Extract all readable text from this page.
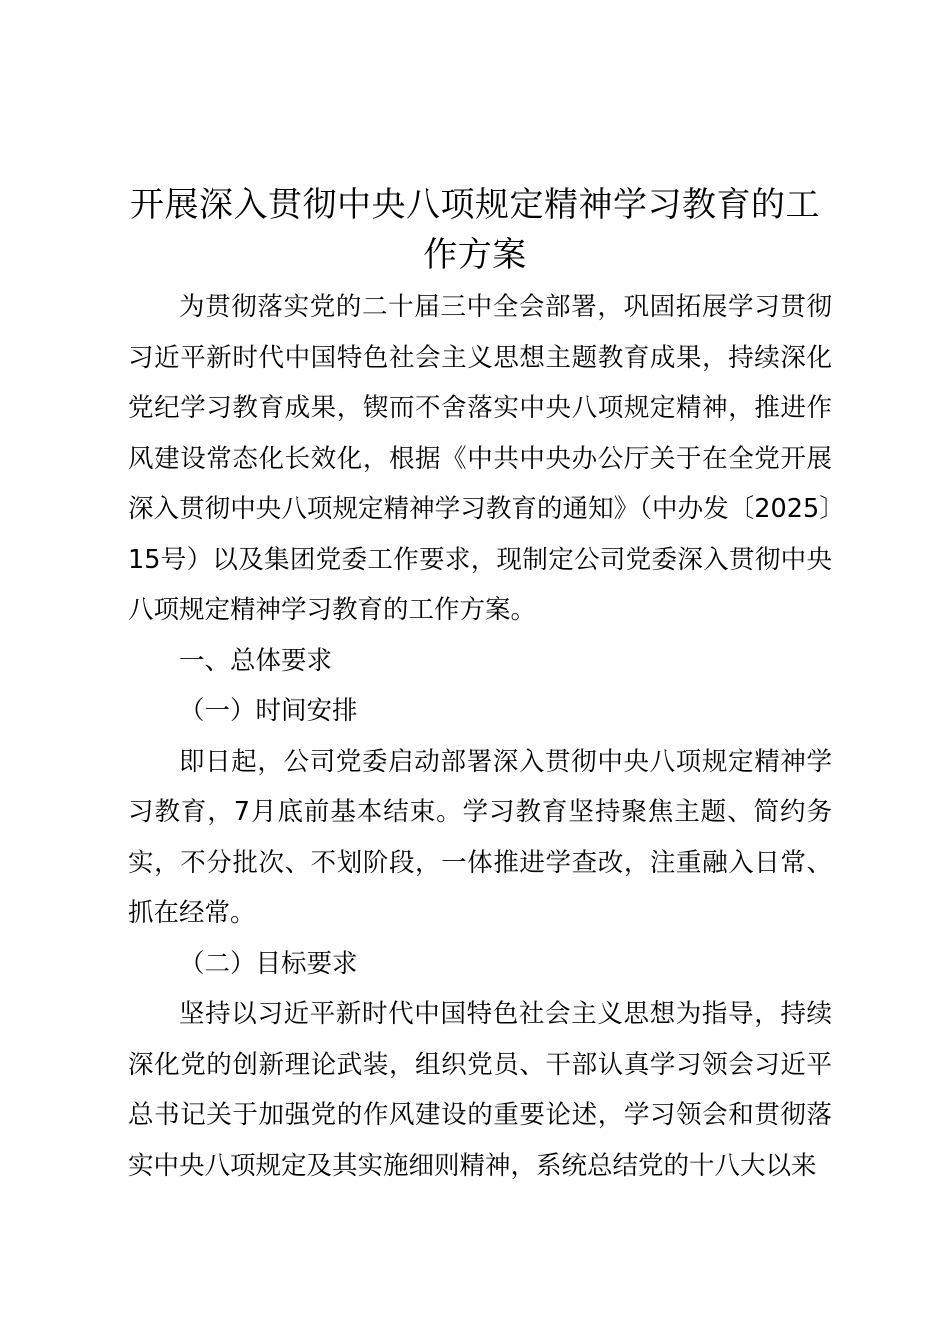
开展深入贯彻中央八项规定精神学习教育的工作方案

为贯彻落实党的二十届三中全会部署，巩固拓展学习贯彻习近平新时代中国特色社会主义思想主题教育成果，持续深化党纪学习教育成果，锲而不舍落实中央八项规定精神，推进作风建设常态化长效化，根据《中共中央办公厅关于在全党开展深入贯彻中央八项规定精神学习教育的通知》（中办发〔2025〕15号）以及集团党委工作要求，现制定公司党委深入贯彻中央八项规定精神学习教育的工作方案。

一、总体要求

（一）时间安排

即日起，公司党委启动部署深入贯彻中央八项规定精神学习教育，7月底前基本结束。学习教育坚持聚焦主题、简约务实，不分批次、不划阶段，一体推进学查改，注重融入日常、抓在经常。

（二）目标要求

坚持以习近平新时代中国特色社会主义思想为指导，持续深化党的创新理论武装，组织党员、干部认真学习领会习近平总书记关于加强党的作风建设的重要论述，学习领会和贯彻落实中央八项规定及其实施细则精神，系统总结党的十八大以来
